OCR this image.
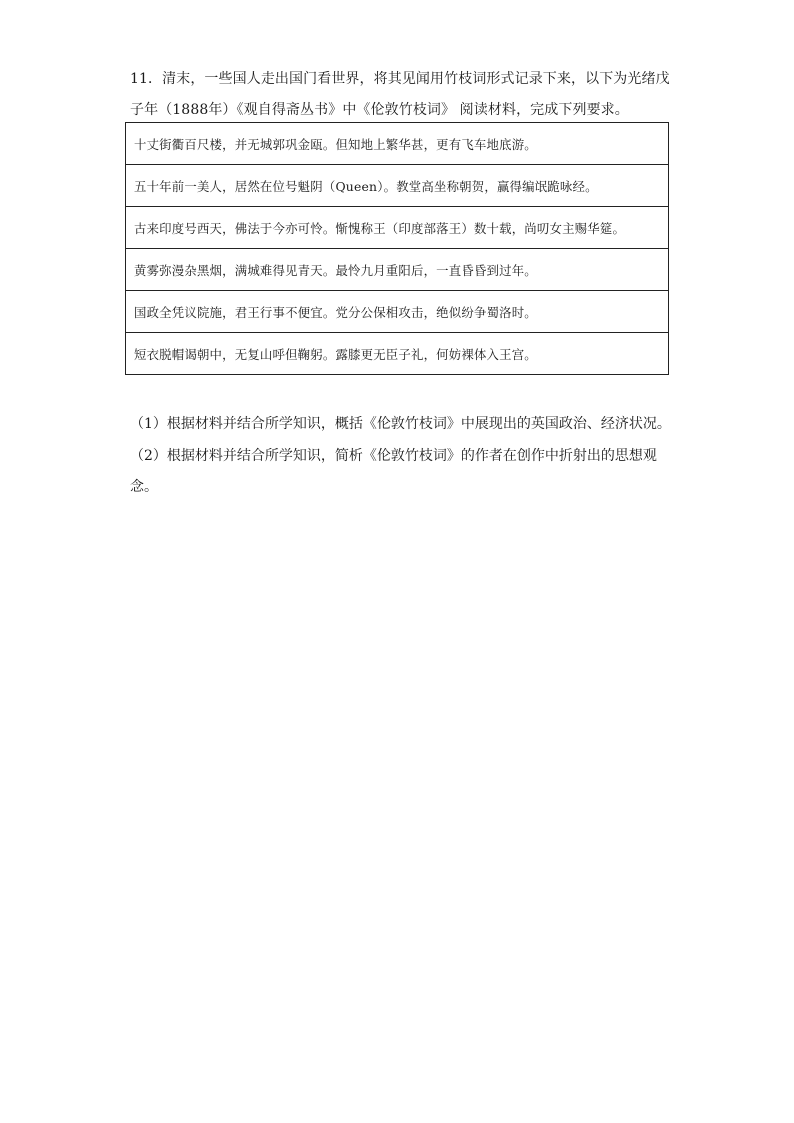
11．清末，一些国人走出国门看世界，将其见闻用竹枝词形式记录下来，以下为光绪戊
子年（1888年）《观自得斋丛书》中《伦敦竹枝词》 阅读材料，完成下列要求。
十丈街衢百尺楼，并无城郭巩金瓯。但知地上繁华甚，更有飞车地底游。
五十年前一美人，居然在位号魁阴（Queen）。教堂高坐称朝贺，赢得编氓跪咏经。
古来印度号西天，佛法于今亦可怜。惭愧称王（印度部落王）数十载，尚叨女主赐华筵。
黄雾弥漫杂黑烟，满城难得见青天。最怜九月重阳后，一直昏昏到过年。
国政全凭议院施，君王行事不便宜。党分公保相攻击，绝似纷争蜀洛时。
短衣脱帽谒朝中，无复山呼但鞠躬。露膝更无臣子礼，何妨裸体入王宫。
（1）根据材料并结合所学知识，概括《伦敦竹枝词》中展现出的英国政治、经济状况。
（2）根据材料并结合所学知识，简析《伦敦竹枝词》的作者在创作中折射出的思想观
念。
